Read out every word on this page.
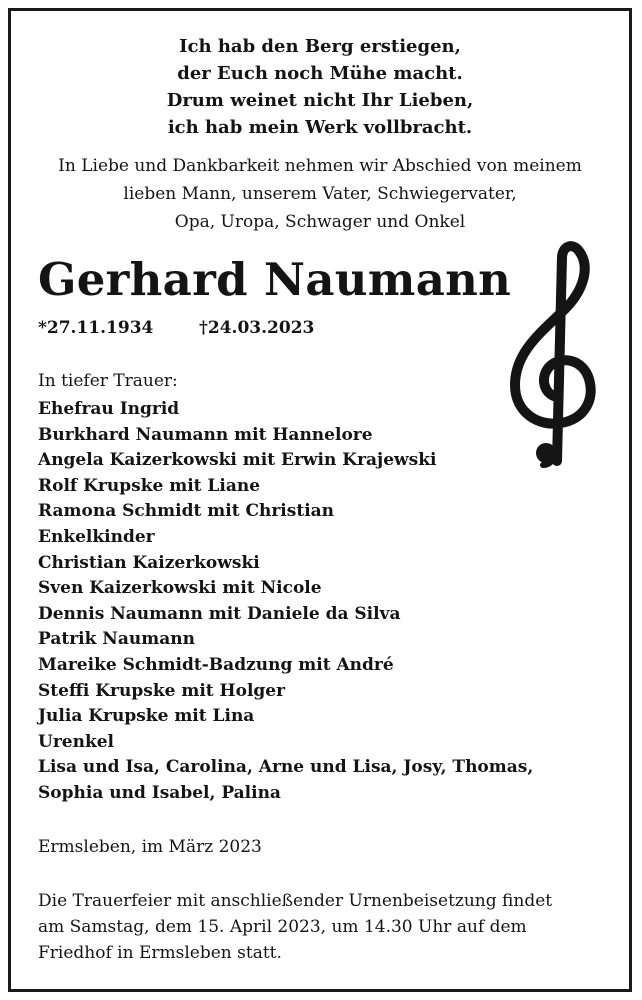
Ich hab den Berg erstiegen,
der Euch noch Mühe macht.
Drum weinet nicht Ihr Lieben,
ich hab mein Werk vollbracht.
In Liebe und Dankbarkeit nehmen wir Abschied von meinem
lieben Mann, unserem Vater, Schwiegervater,
Opa, Uropa, Schwager und Onkel
Gerhard Naumann
*27.11.1934	†24.03.2023
In tiefer Trauer:
Ehefrau Ingrid
Burkhard Naumann mit Hannelore
Angela Kaizerkowski mit Erwin Krajewski
Rolf Krupske mit Liane
Ramona Schmidt mit Christian
Enkelkinder
Christian Kaizerkowski
Sven Kaizerkowski mit Nicole
Dennis Naumann mit Daniele da Silva
Patrik Naumann
Mareike Schmidt-Badzung mit André
Steffi Krupske mit Holger
Julia Krupske mit Lina
Urenkel
Lisa und Isa, Carolina, Arne und Lisa, Josy, Thomas,
Sophia und Isabel, Palina
Ermsleben, im März 2023
Die Trauerfeier mit anschließender Urnenbeisetzung findet
am Samstag, dem 15. April 2023, um 14.30 Uhr auf dem
Friedhof in Ermsleben statt.
